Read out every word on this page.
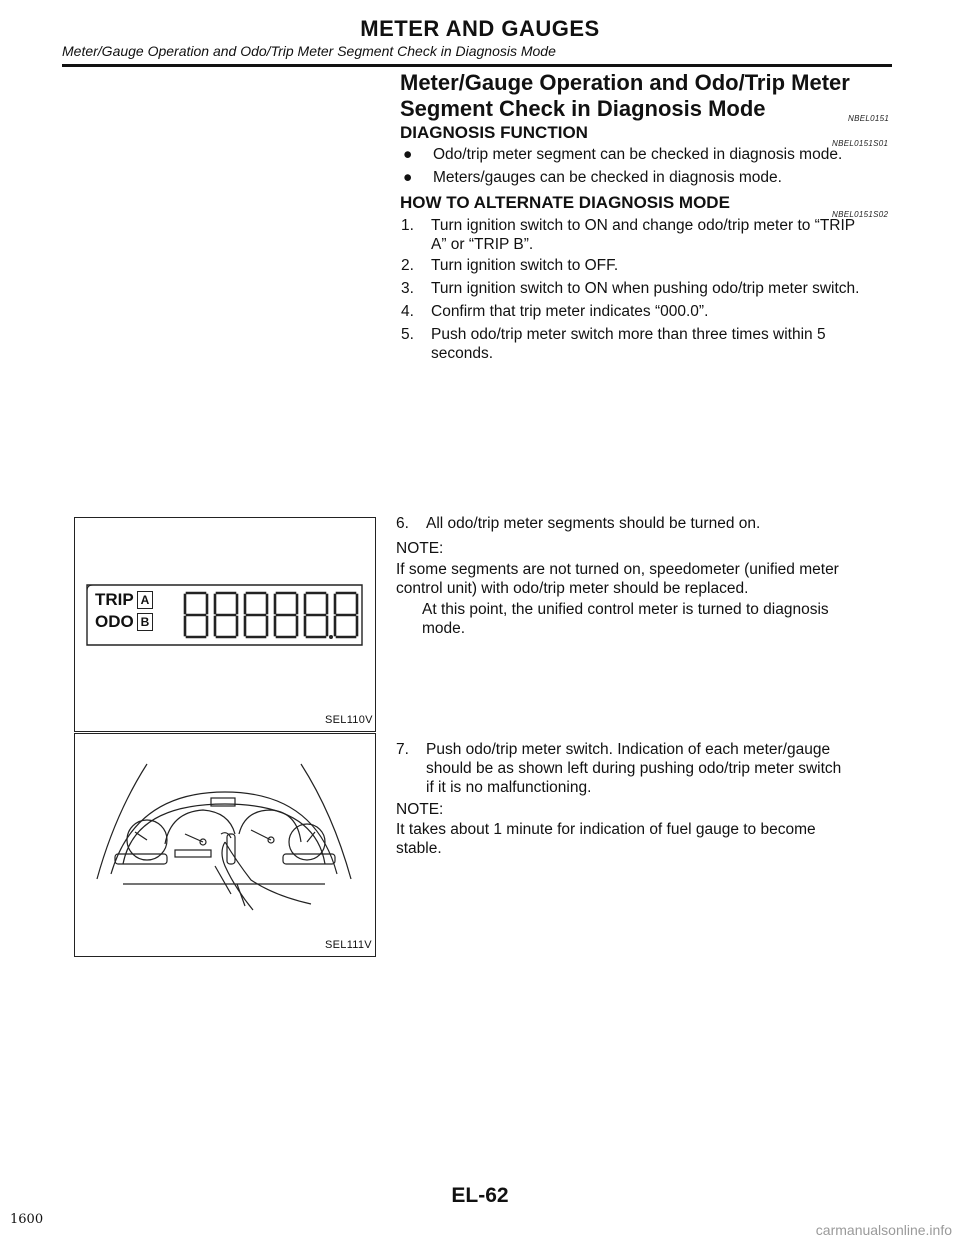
METER AND GAUGES
Meter/Gauge Operation and Odo/Trip Meter Segment Check in Diagnosis Mode
Meter/Gauge Operation and Odo/Trip Meter
Segment Check in Diagnosis Mode	NBEL0151
DIAGNOSIS FUNCTION
NBEL0151S01
● Odo/trip meter segment can be checked in diagnosis mode.
● Meters/gauges can be checked in diagnosis mode.
HOW TO ALTERNATE DIAGNOSIS MODE
NBEL0151S02
1. Turn ignition switch to ON and change odo/trip meter to “TRIP
A” or “TRIP B”.
2. Turn ignition switch to OFF.
3. Turn ignition switch to ON when pushing odo/trip meter switch.
4. Confirm that trip meter indicates “000.0”.
5. Push odo/trip meter switch more than three times within 5
seconds.
TRIP A
ODO B
SEL110V
6. All odo/trip meter segments should be turned on.
NOTE:
If some segments are not turned on, speedometer (unified meter
control unit) with odo/trip meter should be replaced.
At this point, the unified control meter is turned to diagnosis
mode.
SEL111V
7. Push odo/trip meter switch. Indication of each meter/gauge
should be as shown left during pushing odo/trip meter switch
if it is no malfunctioning.
NOTE:
It takes about 1 minute for indication of fuel gauge to become
stable.
EL-62
1600
carmanualsonline.info
